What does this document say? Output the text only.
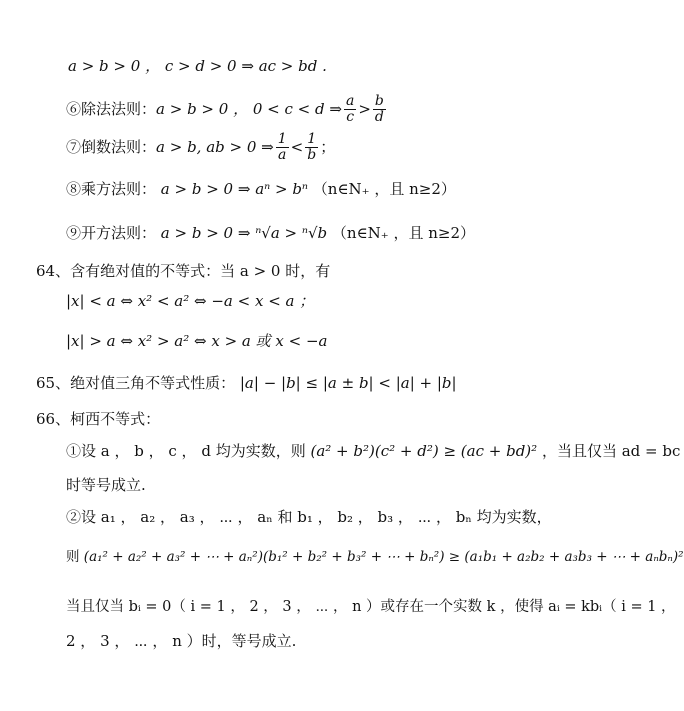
a > b > 0 ， c > d > 0 ⇒ ac > bd .
⑥除法法则： a > b > 0 ， 0 < c < d ⇒ $\frac{a}{c} > \frac{b}{d}$
⑦倒数法则： a > b, ab > 0 ⇒ $\frac{1}{a} < \frac{1}{b}$ ；
⑧乘方法则： a > b > 0 ⇒ aⁿ > bⁿ （n∈N₊ ，且 n≥2）
⑨开方法则： a > b > 0 ⇒ ⁿ√a > ⁿ√b （n∈N₊ ，且 n≥2）
64、含有绝对值的不等式：当 a > 0 时，有
|x| < a ⇔ x² < a² ⇔ −a < x < a ；
|x| > a ⇔ x² > a² ⇔ x > a 或 x < −a
65、绝对值三角不等式性质： |a| − |b| ≤ |a ± b| < |a| + |b|
66、柯西不等式：
①设 a ， b ， c ， d 均为实数，则 (a² + b²)(c² + d²) ≥ (ac + bd)² ，当且仅当 ad = bc
时等号成立.
②设 a₁ ， a₂ ， a₃ ， ⋯ ， aₙ 和 b₁ ， b₂ ， b₃ ， ⋯ ， bₙ 均为实数，
则 (a₁² + a₂² + a₃² + ⋯ + aₙ²)(b₁² + b₂² + b₃² + ⋯ + bₙ²) ≥ (a₁b₁ + a₂b₂ + a₃b₃ + ⋯ + aₙbₙ)²
当且仅当 bᵢ = 0（ i = 1 ， 2 ， 3 ， ⋯ ， n ）或存在一个实数 k ，使得 aᵢ = kbᵢ（ i = 1 ，
2 ， 3 ， ⋯ ， n ）时，等号成立.
